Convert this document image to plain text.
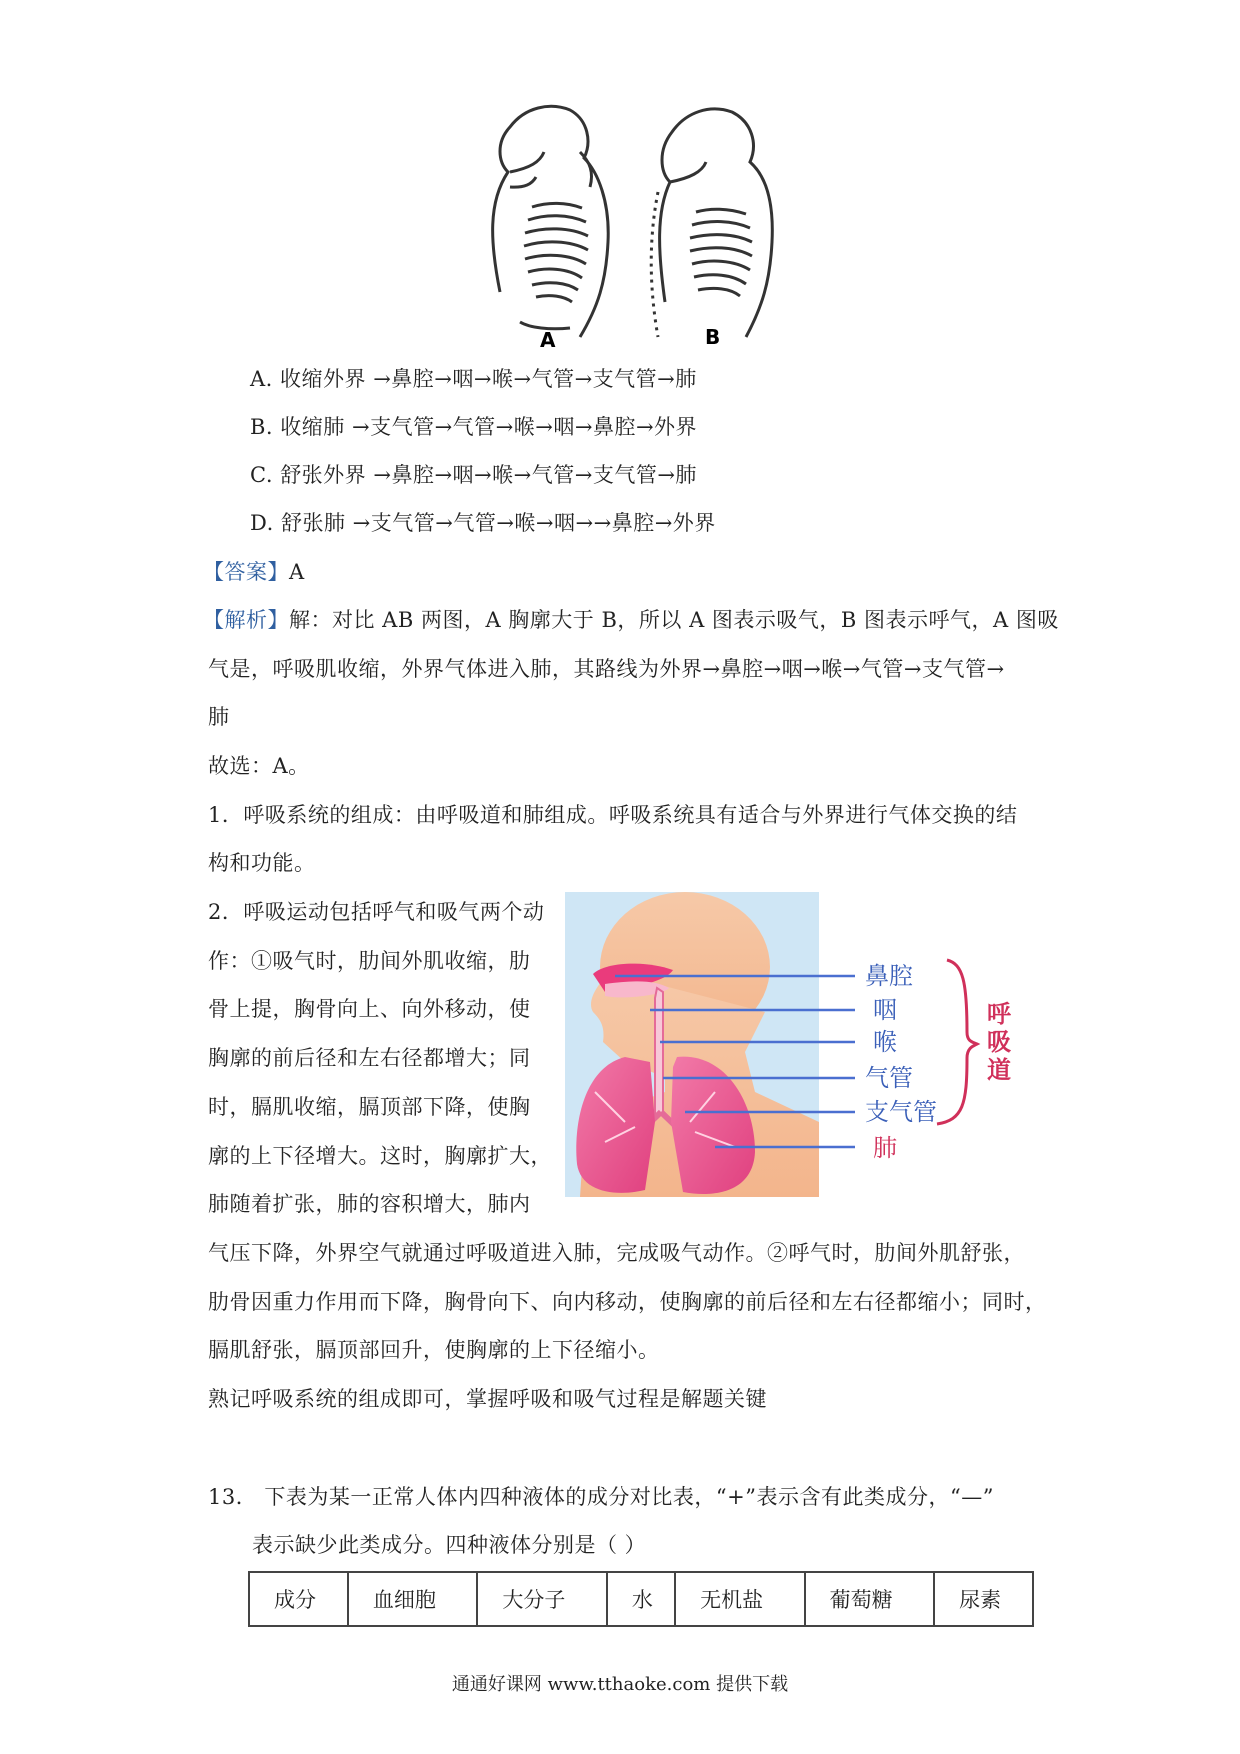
A	B
A. 收缩外界 →鼻腔→咽→喉→气管→支气管→肺
B. 收缩肺 →支气管→气管→喉→咽→鼻腔→外界
C. 舒张外界 →鼻腔→咽→喉→气管→支气管→肺
D. 舒张肺 →支气管→气管→喉→咽→→鼻腔→外界
【答案】A
【解析】解：对比 AB 两图，A 胸廓大于 B，所以 A 图表示吸气，B 图表示呼气，A 图吸
气是，呼吸肌收缩，外界气体进入肺，其路线为外界→鼻腔→咽→喉→气管→支气管→
肺
故选：A。
1．呼吸系统的组成：由呼吸道和肺组成。呼吸系统具有适合与外界进行气体交换的结
构和功能。
2．呼吸运动包括呼气和吸气两个动
作：①吸气时，肋间外肌收缩，肋
骨上提，胸骨向上、向外移动，使
胸廓的前后径和左右径都增大；同
时，膈肌收缩，膈顶部下降，使胸
廓的上下径增大。这时，胸廓扩大，
肺随着扩张，肺的容积增大，肺内
鼻腔
咽
喉
气管
支气管
肺
呼
吸
道
气压下降，外界空气就通过呼吸道进入肺，完成吸气动作。②呼气时，肋间外肌舒张，
肋骨因重力作用而下降，胸骨向下、向内移动，使胸廓的前后径和左右径都缩小；同时，
膈肌舒张，膈顶部回升，使胸廓的上下径缩小。
熟记呼吸系统的组成即可，掌握呼吸和吸气过程是解题关键
13． 下表为某一正常人体内四种液体的成分对比表，“+”表示含有此类成分，“—”
表示缺少此类成分。四种液体分别是（ ）
成分	血细胞	大分子	水	无机盐	葡萄糖	尿素
通通好课网 www.tthaoke.com 提供下载
